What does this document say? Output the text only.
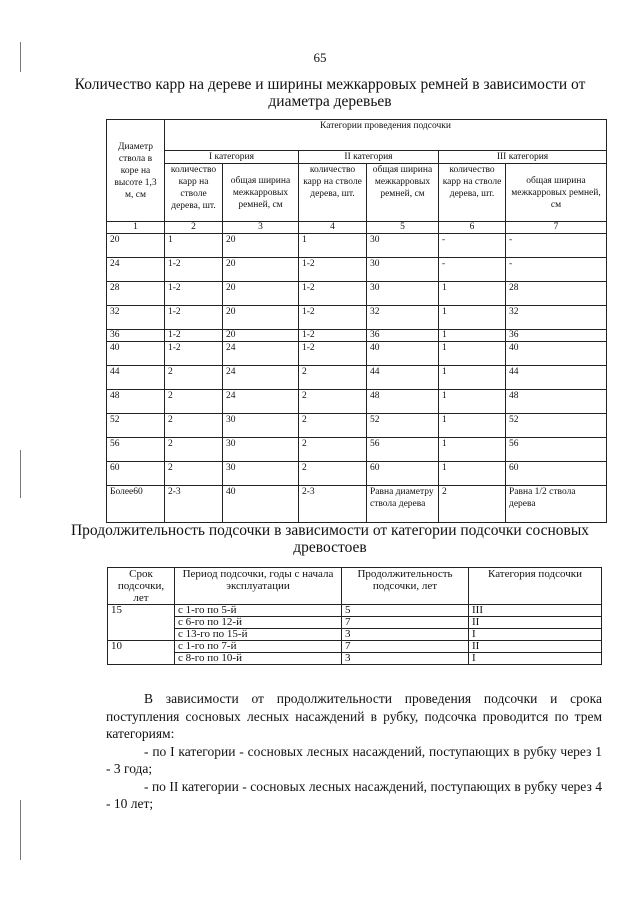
65
Количество карр на дереве и ширины межкарровых ремней в зависимости от диаметра деревьев
Диаметр ствола в коре на высоте 1,3 м, см	Категории проведения подсочки					
	I категория		II категория		III категория	
	количество карр на стволе дерева, шт.	общая ширина межкарровых ремней, см	количество карр на стволе дерева, шт.	общая ширина межкарровых ремней, см	количество карр на стволе дерева, шт.	общая ширина межкарровых ремней, см
1	2	3	4	5	6	7
20	1	20	1	30	-	-
24	1-2	20	1-2	30	-	-
28	1-2	20	1-2	30	1	28
32	1-2	20	1-2	32	1	32
36	1-2	20	1-2	36	1	36
40	1-2	24	1-2	40	1	40
44	2	24	2	44	1	44
48	2	24	2	48	1	48
52	2	30	2	52	1	52
56	2	30	2	56	1	56
60	2	30	2	60	1	60
Более60	2-3	40	2-3	Равна диаметру ствола дерева	2	Равна 1/2 ствола дерева
Продолжительность подсочки в зависимости от категории подсочки сосновых древостоев
Срок подсочки, лет	Период подсочки, годы с начала эксплуатации	Продолжительность подсочки, лет	Категория подсочки
15	с 1-го по 5-й	5	III
	с 6-го по 12-й	7	II
	с 13-го по 15-й	3	I
10	с 1-го по 7-й	7	II
	с 8-го по 10-й	3	I
В зависимости от продолжительности проведения подсочки и срока поступления сосновых лесных насаждений в рубку, подсочка проводится по трем категориям:
- по I категории - сосновых лесных насаждений, поступающих в рубку через 1 - 3 года;
- по II категории - сосновых лесных насаждений, поступающих в рубку через 4 - 10 лет;
